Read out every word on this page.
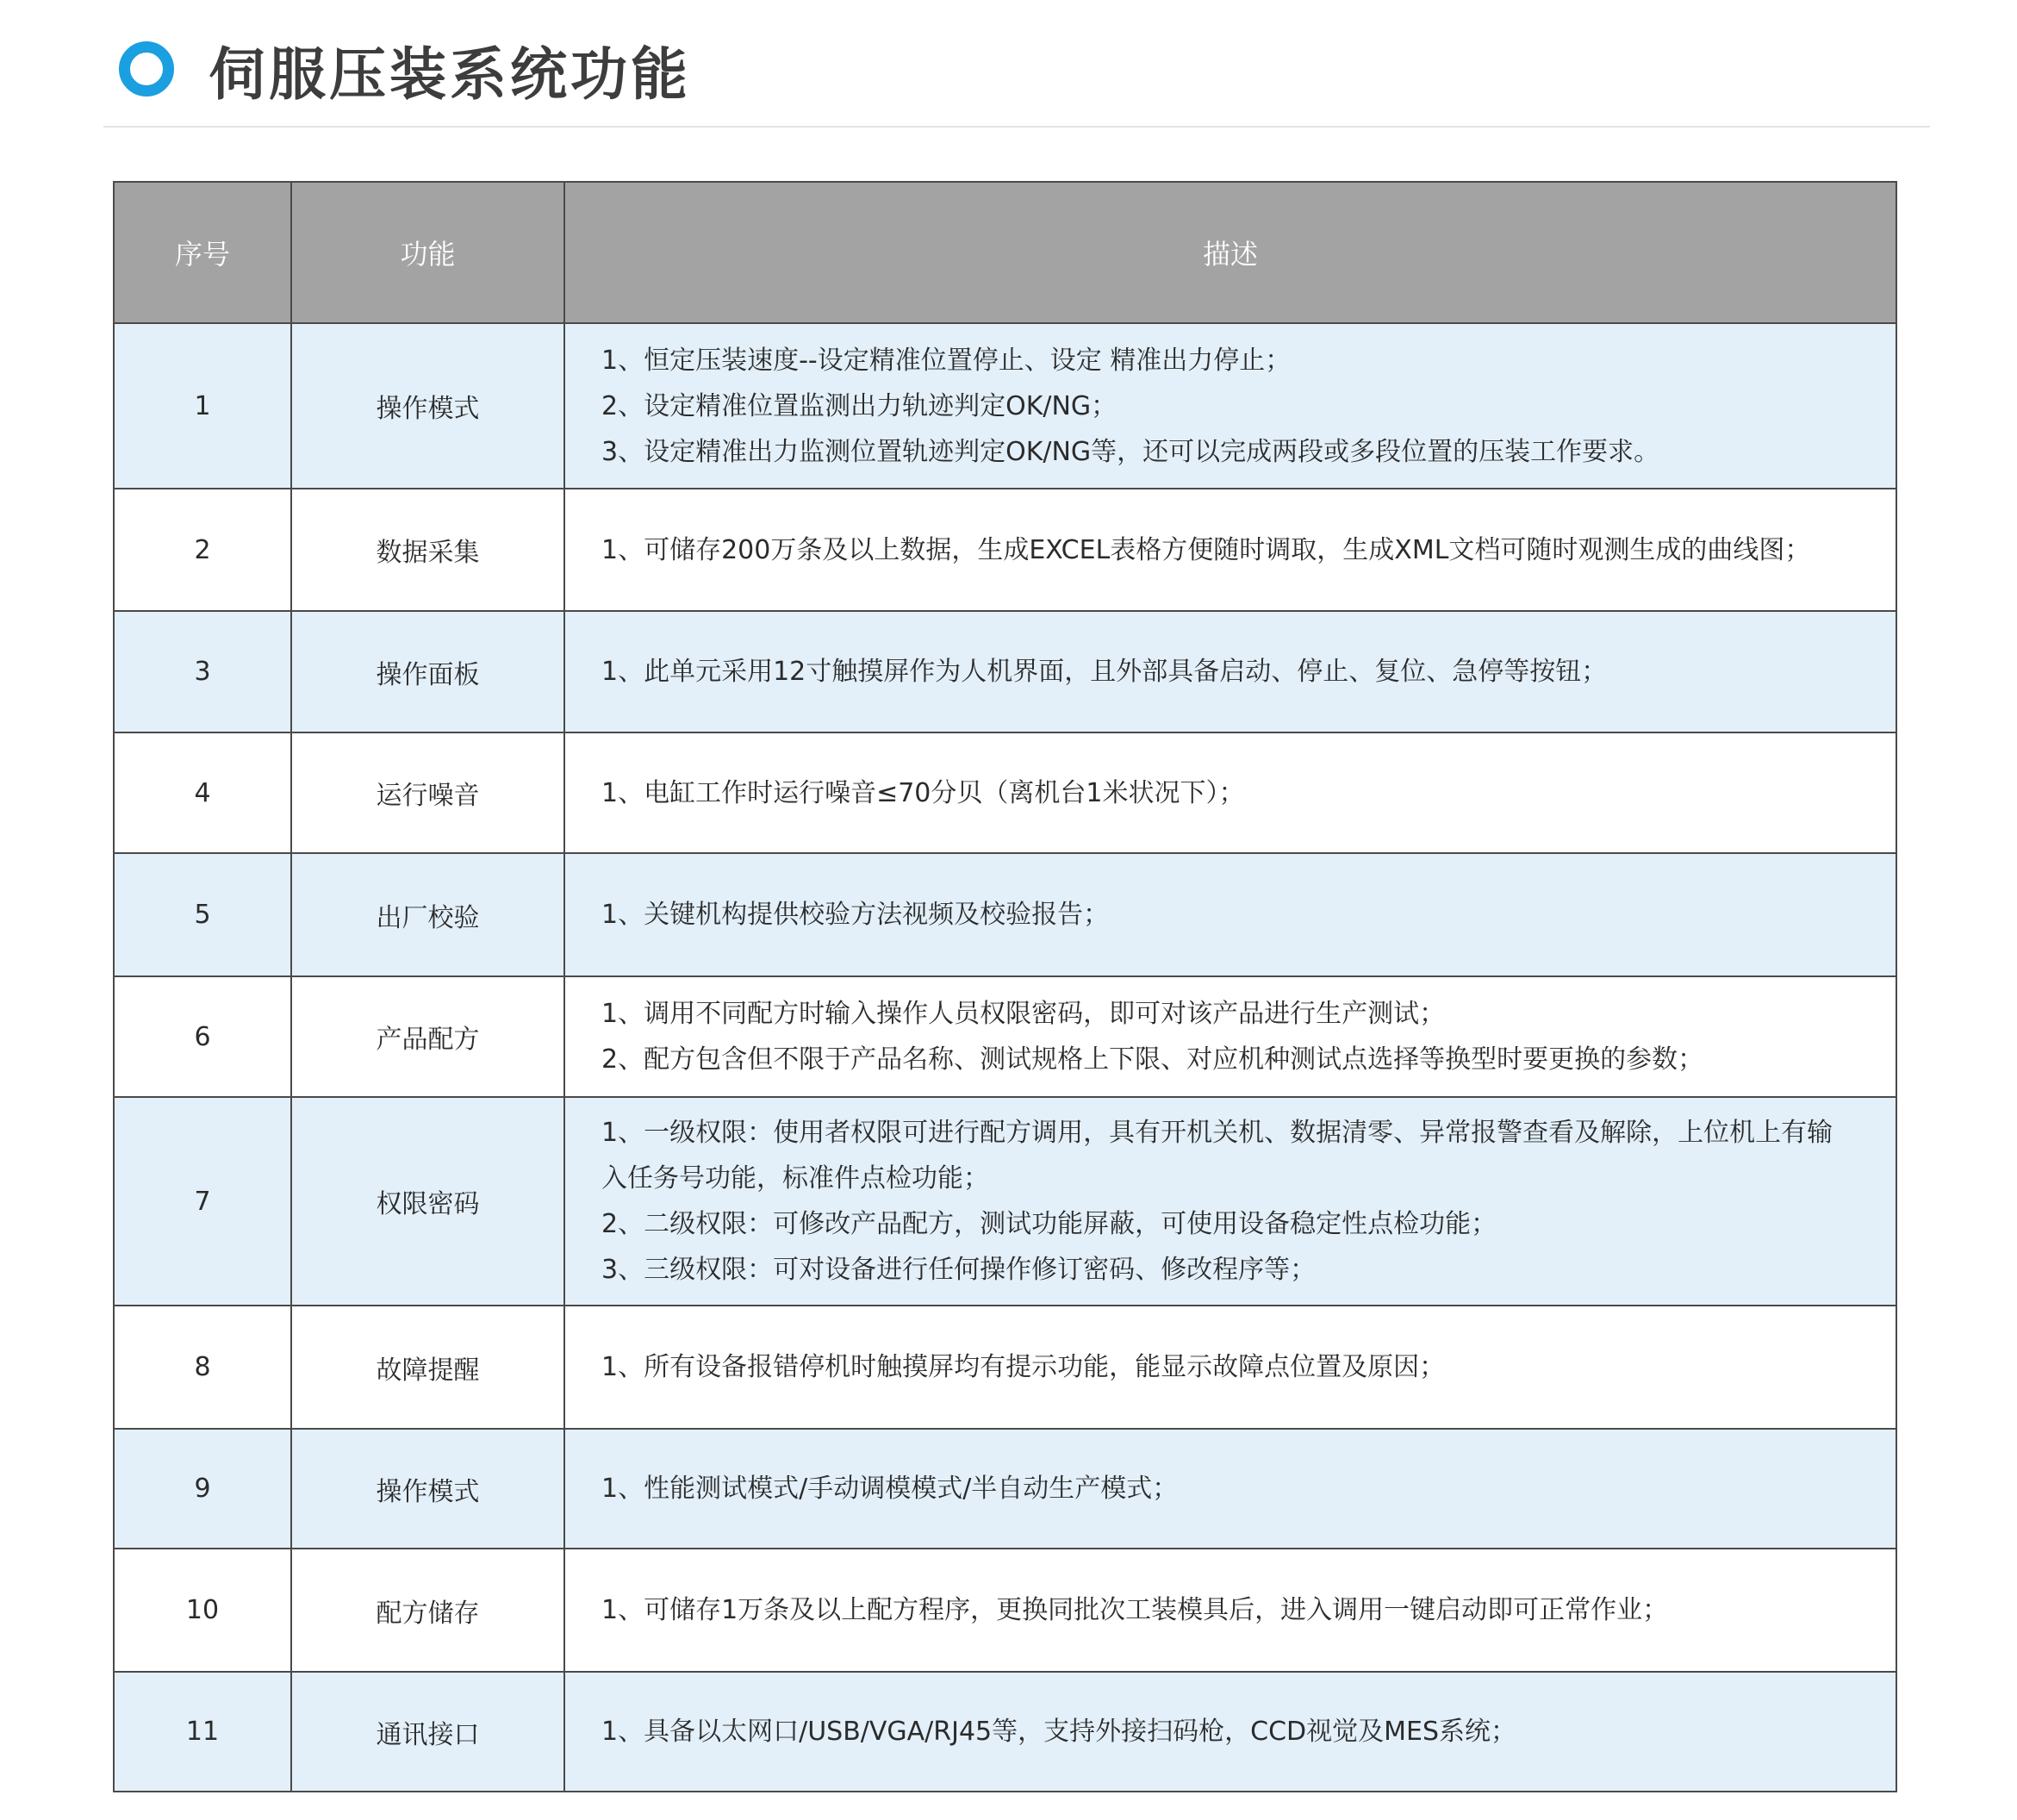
伺服压装系统功能
序号	功能	描述
1	操作模式	1、恒定压装速度--设定精准位置停止、设定 精准出力停止；
2、设定精准位置监测出力轨迹判定OK/NG；
3、设定精准出力监测位置轨迹判定OK/NG等，还可以完成两段或多段位置的压装工作要求。

2	数据采集	1、可储存200万条及以上数据，生成EXCEL表格方便随时调取，生成XML文档可随时观测生成的曲线图；

3	操作面板	1、此单元采用12寸触摸屏作为人机界面，且外部具备启动、停止、复位、急停等按钮；

4	运行噪音	1、电缸工作时运行噪音≤70分贝（离机台1米状况下）；

5	出厂校验	1、关键机构提供校验方法视频及校验报告；

6	产品配方	1、调用不同配方时输入操作人员权限密码，即可对该产品进行生产测试；
2、配方包含但不限于产品名称、测试规格上下限、对应机种测试点选择等换型时要更换的参数；

7	权限密码	1、一级权限：使用者权限可进行配方调用，具有开机关机、数据清零、异常报警查看及解除，上位机上有输
入任务号功能，标准件点检功能；
2、二级权限：可修改产品配方，测试功能屏蔽，可使用设备稳定性点检功能；
3、三级权限：可对设备进行任何操作修订密码、修改程序等；

8	故障提醒	1、所有设备报错停机时触摸屏均有提示功能，能显示故障点位置及原因；

9	操作模式	1、性能测试模式/手动调模模式/半自动生产模式；

10	配方储存	1、可储存1万条及以上配方程序，更换同批次工装模具后，进入调用一键启动即可正常作业；

11	通讯接口	1、具备以太网口/USB/VGA/RJ45等，支持外接扫码枪，CCD视觉及MES系统；
